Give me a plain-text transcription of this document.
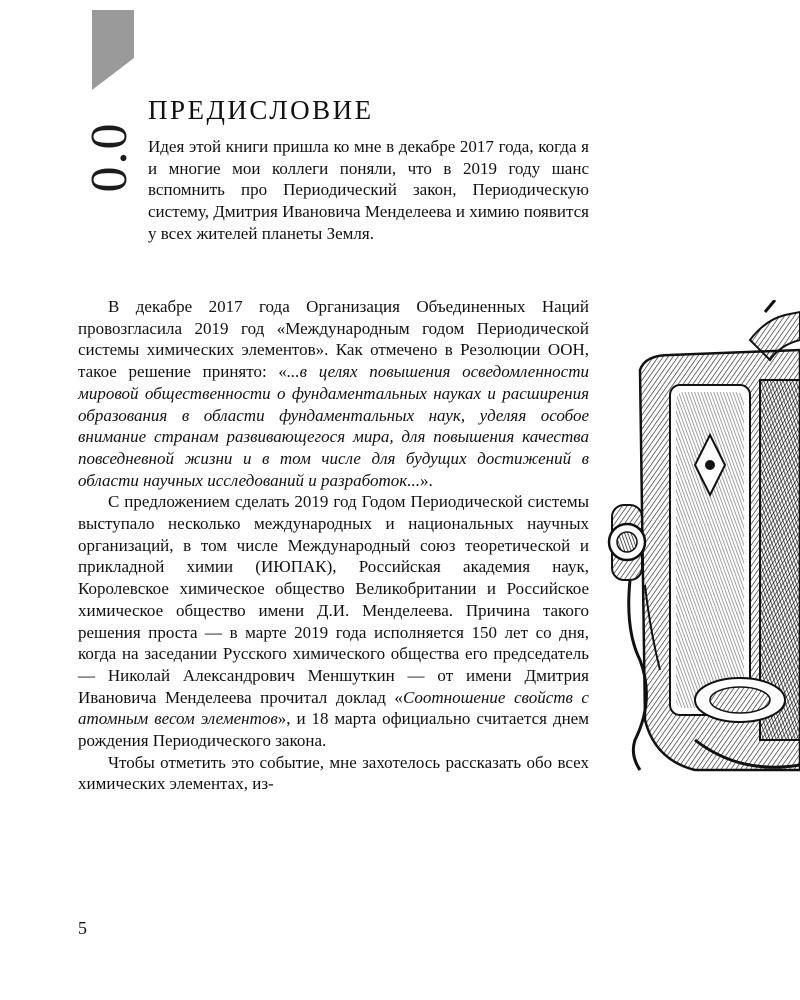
0.0
ПРЕДИСЛОВИЕ

Идея этой книги пришла ко мне в декабре 2017 года, когда я и многие мои коллеги поняли, что в 2019 году шанс вспомнить про Периодический закон, Периодическую систему, Дмитрия Ивановича Менделеева и химию появится у всех жителей планеты Земля.

В декабре 2017 года Организация Объединенных Наций провозгласила 2019 год «Международным годом Периодической системы химических элементов». Как отмечено в Резолюции ООН, такое решение принято: «...в целях повышения осведомленности мировой общественности о фундаментальных науках и расширения образования в области фундаментальных наук, уделяя особое внимание странам развивающегося мира, для повышения качества повседневной жизни и в том числе для будущих достижений в области научных исследований и разработок...».

С предложением сделать 2019 год Годом Периодической системы выступало несколько международных и национальных научных организаций, в том числе Международный союз теоретической и прикладной химии (ИЮПАК), Российская академия наук, Королевское химическое общество Великобритании и Российское химическое общество имени Д.И. Менделеева. Причина такого решения проста — в марте 2019 года исполняется 150 лет со дня, когда на заседании Русского химического общества его председатель — Николай Александрович Меншуткин — от имени Дмитрия Ивановича Менделеева прочитал доклад «Соотношение свойств с атомным весом элементов», и 18 марта официально считается днем рождения Периодического закона.

Чтобы отметить это событие, мне захотелось рассказать обо всех химических элементах, из-

5
